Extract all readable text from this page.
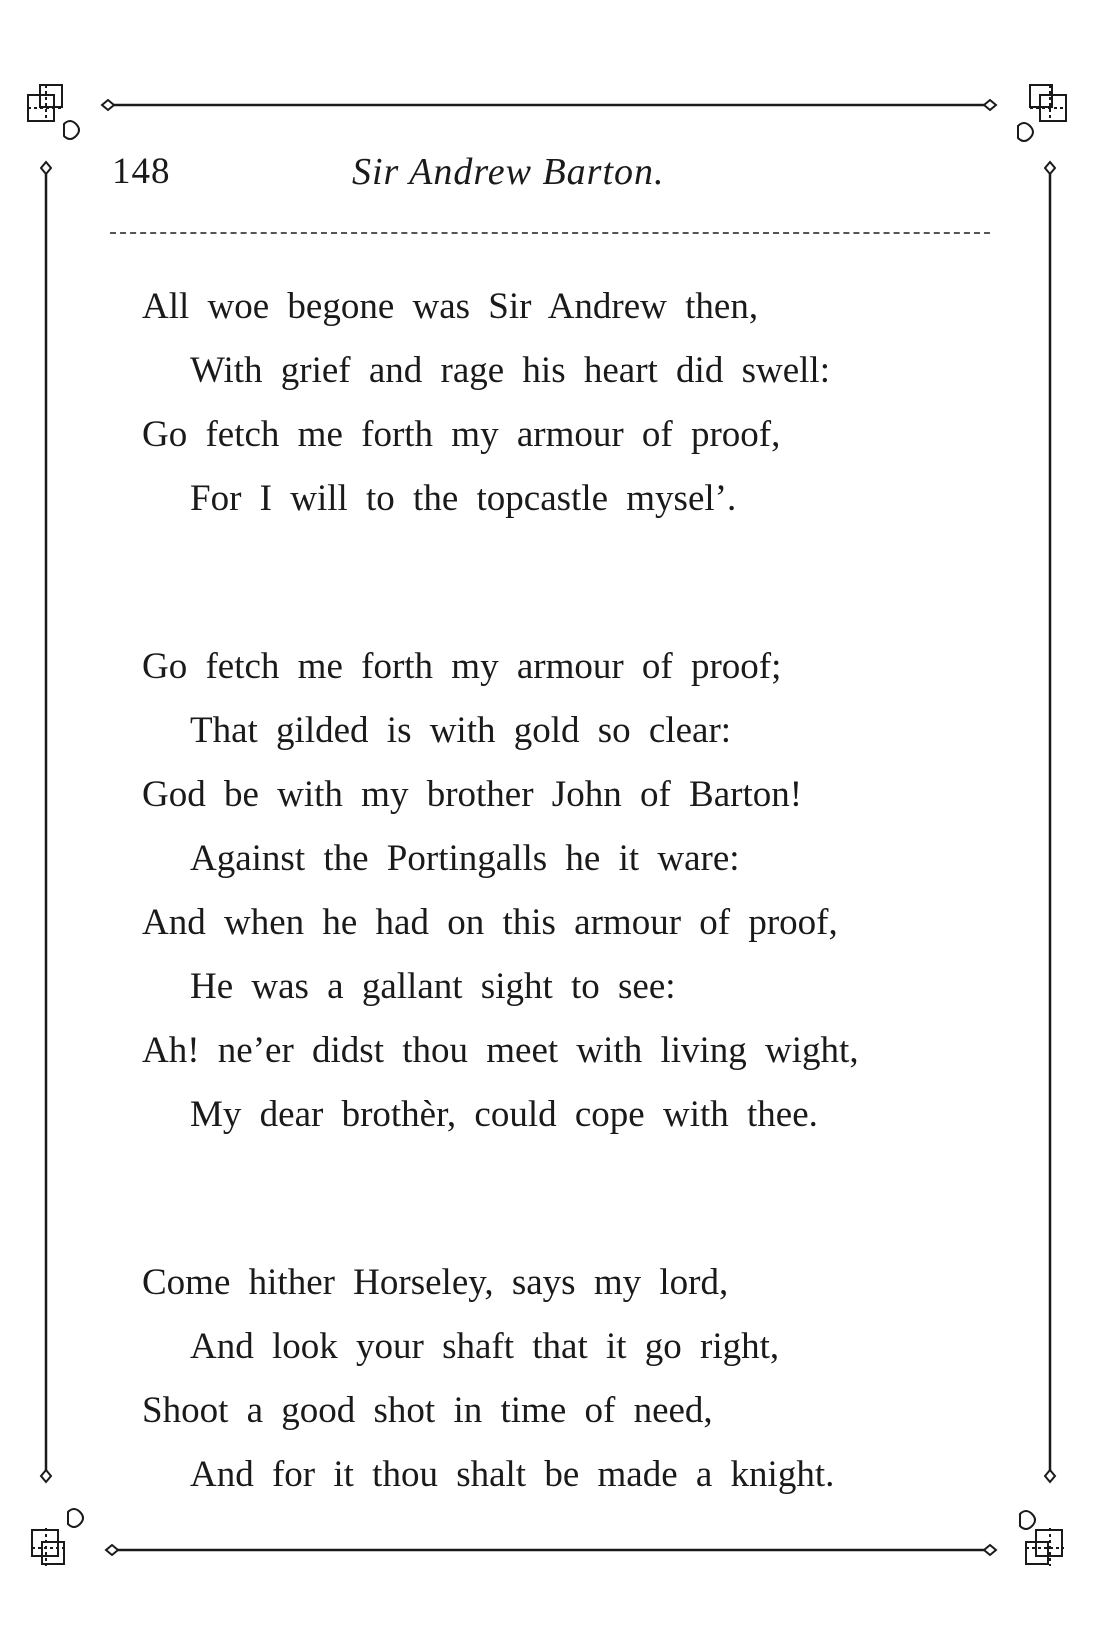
148	Sir Andrew Barton.
All woe begone was Sir Andrew then,
With grief and rage his heart did swell:
Go fetch me forth my armour of proof,
For I will to the topcastle mysel’.
Go fetch me forth my armour of proof;
That gilded is with gold so clear:
God be with my brother John of Barton!
Against the Portingalls he it ware:
And when he had on this armour of proof,
He was a gallant sight to see:
Ah! ne’er didst thou meet with living wight,
My dear brothèr, could cope with thee.
Come hither Horseley, says my lord,
And look your shaft that it go right,
Shoot a good shot in time of need,
And for it thou shalt be made a knight.
